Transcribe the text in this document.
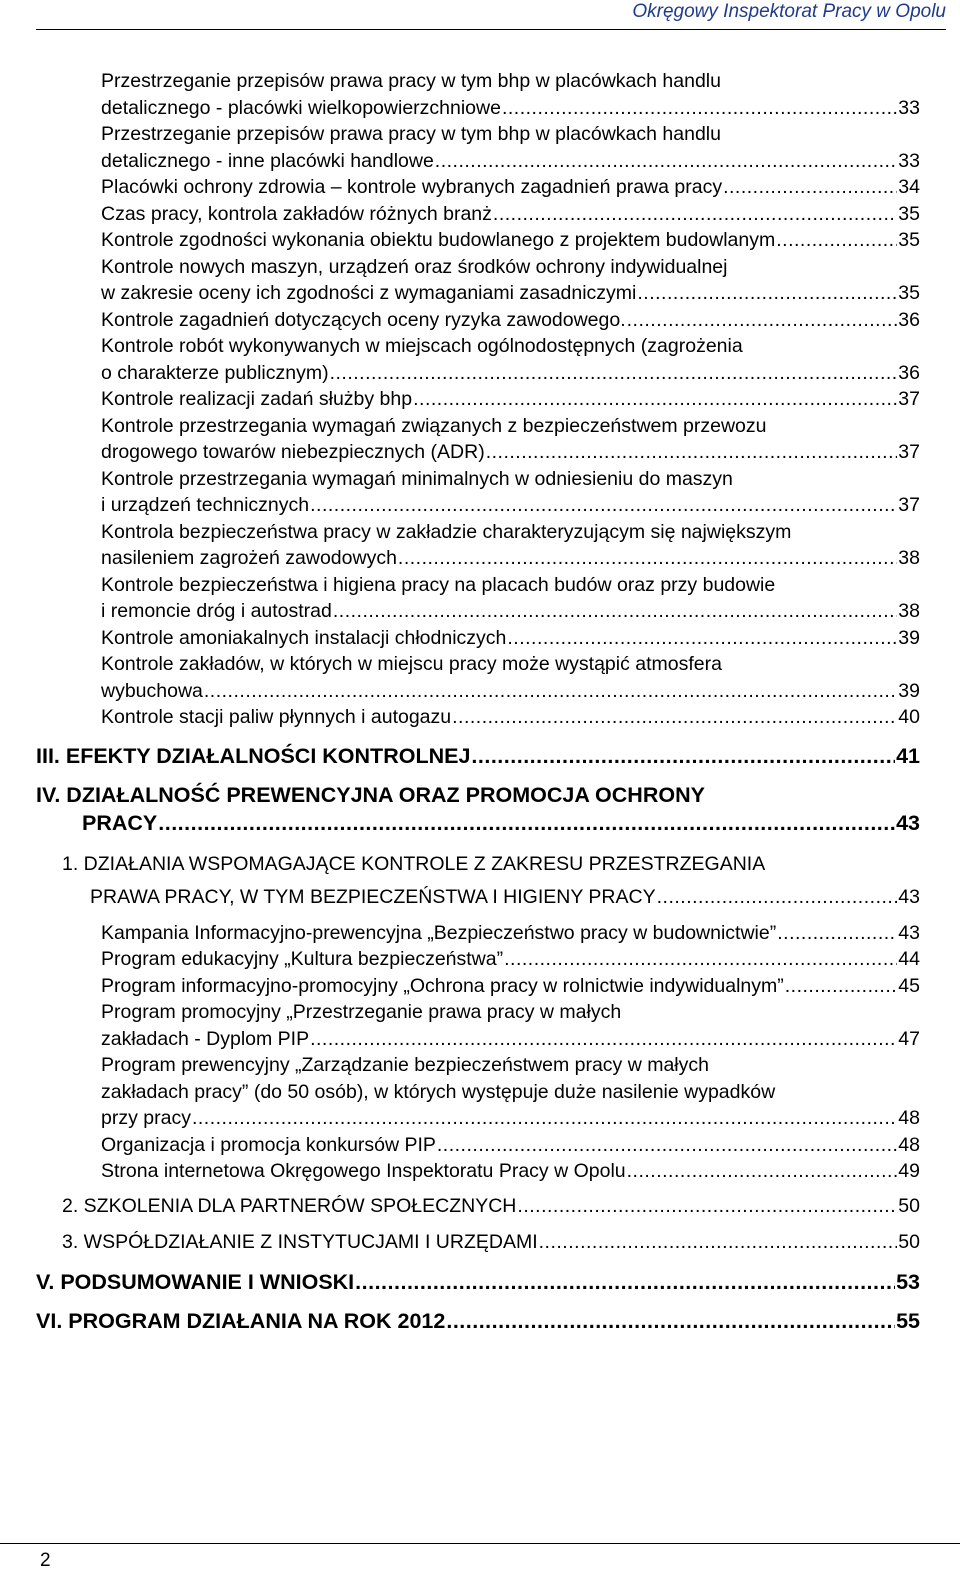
Okręgowy Inspektorat Pracy w Opolu
Przestrzeganie przepisów prawa pracy w tym bhp w placówkach handlu
detalicznego - placówki wielkopowierzchniowe .....	33
Przestrzeganie przepisów prawa pracy w tym bhp w placówkach handlu
detalicznego - inne placówki handlowe .....	33
Placówki ochrony zdrowia – kontrole wybranych zagadnień prawa pracy .....	34
Czas pracy, kontrola zakładów różnych branż .....	35
Kontrole zgodności wykonania obiektu budowlanego z projektem budowlanym .....	35
Kontrole nowych maszyn, urządzeń oraz środków ochrony indywidualnej
w zakresie oceny ich zgodności z wymaganiami zasadniczymi .....	35
Kontrole zagadnień dotyczących oceny ryzyka zawodowego. .....	36
Kontrole robót wykonywanych w miejscach ogólnodostępnych (zagrożenia
o charakterze publicznym) .....	36
Kontrole realizacji zadań służby bhp .....	37
Kontrole przestrzegania wymagań związanych z bezpieczeństwem przewozu
drogowego towarów niebezpiecznych (ADR) .....	37
Kontrole przestrzegania wymagań minimalnych w odniesieniu do maszyn
i urządzeń technicznych .....	37
Kontrola bezpieczeństwa pracy w zakładzie charakteryzującym się największym
nasileniem zagrożeń zawodowych .....	38
Kontrole bezpieczeństwa i higiena pracy na placach budów oraz przy budowie
i remoncie dróg i autostrad .....	38
Kontrole amoniakalnych instalacji chłodniczych .....	39
Kontrole zakładów, w których w miejscu pracy może wystąpić atmosfera
wybuchowa .....	39
Kontrole stacji paliw płynnych i autogazu .....	40
III. EFEKTY DZIAŁALNOŚCI KONTROLNEJ .....	41
IV. DZIAŁALNOŚĆ PREWENCYJNA ORAZ PROMOCJA OCHRONY
PRACY .....	43
1. DZIAŁANIA WSPOMAGAJĄCE KONTROLE Z ZAKRESU PRZESTRZEGANIA
PRAWA PRACY, W TYM BEZPIECZEŃSTWA I HIGIENY PRACY .....	43
Kampania Informacyjno-prewencyjna „Bezpieczeństwo pracy w budownictwie” .....	43
Program edukacyjny „Kultura bezpieczeństwa” .....	44
Program informacyjno-promocyjny „Ochrona pracy w rolnictwie indywidualnym” .....	45
Program promocyjny „Przestrzeganie prawa pracy w małych
zakładach - Dyplom PIP .....	47
Program prewencyjny „Zarządzanie bezpieczeństwem pracy w małych
zakładach pracy” (do 50 osób), w których występuje duże nasilenie wypadków
przy pracy .....	48
Organizacja i promocja konkursów PIP .....	48
Strona internetowa Okręgowego Inspektoratu Pracy w Opolu .....	49
2. SZKOLENIA DLA PARTNERÓW SPOŁECZNYCH .....	50
3. WSPÓŁDZIAŁANIE Z INSTYTUCJAMI I URZĘDAMI .....	50
V. PODSUMOWANIE I WNIOSKI .....	53
VI. PROGRAM DZIAŁANIA NA ROK 2012 .....	55
2
